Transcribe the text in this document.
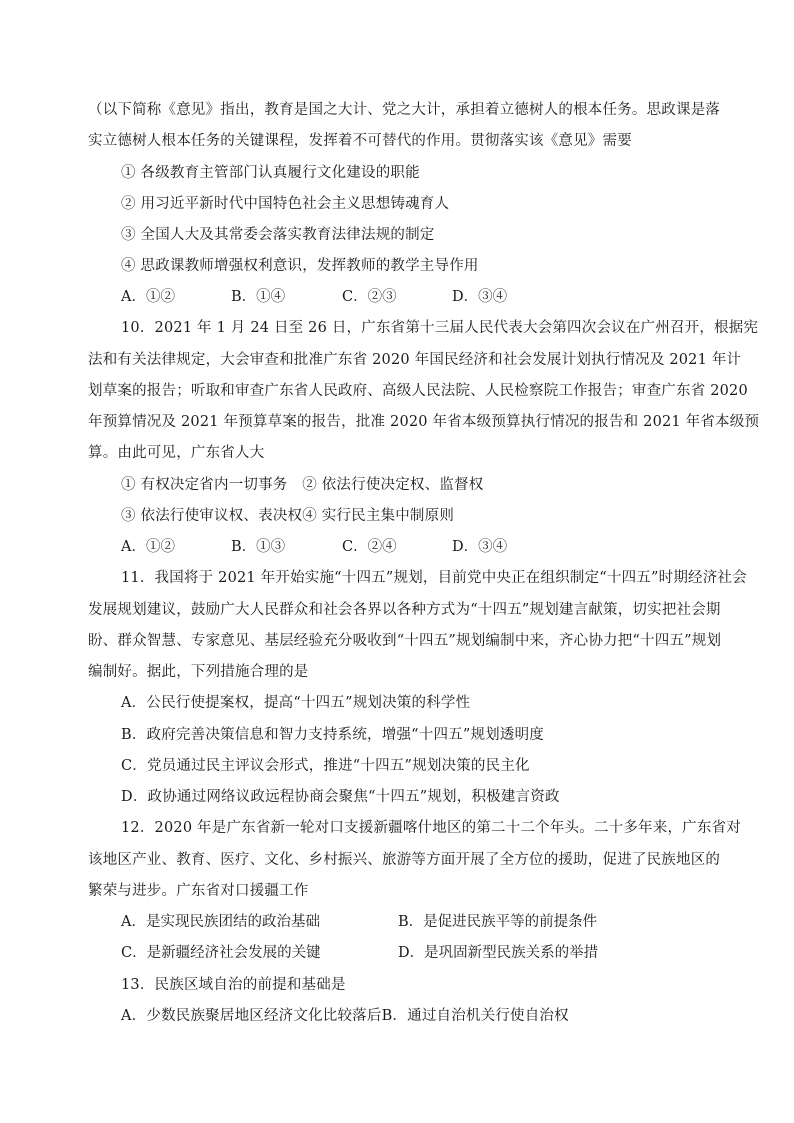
（以下简称《意见》指出，教育是国之大计、党之大计，承担着立德树人的根本任务。思政课是落
实立德树人根本任务的关键课程，发挥着不可替代的作用。贯彻落实该《意见》需要
① 各级教育主管部门认真履行文化建设的职能
② 用习近平新时代中国特色社会主义思想铸魂育人
③ 全国人大及其常委会落实教育法律法规的制定
④ 思政课教师增强权利意识，发挥教师的教学主导作用
A．①②	B．①④	C．②③	D．③④
10．2021 年 1 月 24 日至 26 日，广东省第十三届人民代表大会第四次会议在广州召开，根据宪
法和有关法律规定，大会审查和批准广东省 2020 年国民经济和社会发展计划执行情况及 2021 年计
划草案的报告；听取和审查广东省人民政府、高级人民法院、人民检察院工作报告；审查广东省 2020
年预算情况及 2021 年预算草案的报告，批准 2020 年省本级预算执行情况的报告和 2021 年省本级预
算。由此可见，广东省人大
① 有权决定省内一切事务　② 依法行使决定权、监督权
③ 依法行使审议权、表决权④ 实行民主集中制原则
A．①②	B．①③	C．②④	D．③④
11．我国将于 2021 年开始实施“十四五”规划，目前党中央正在组织制定“十四五”时期经济社会
发展规划建议，鼓励广大人民群众和社会各界以各种方式为“十四五”规划建言献策，切实把社会期
盼、群众智慧、专家意见、基层经验充分吸收到“十四五”规划编制中来，齐心协力把“十四五”规划
编制好。据此，下列措施合理的是
A．公民行使提案权，提高“十四五”规划决策的科学性
B．政府完善决策信息和智力支持系统，增强“十四五”规划透明度
C．党员通过民主评议会形式，推进“十四五”规划决策的民主化
D．政协通过网络议政远程协商会聚焦“十四五”规划，积极建言资政
12．2020 年是广东省新一轮对口支援新疆喀什地区的第二十二个年头。二十多年来，广东省对
该地区产业、教育、医疗、文化、乡村振兴、旅游等方面开展了全方位的援助，促进了民族地区的
繁荣与进步。广东省对口援疆工作
A．是实现民族团结的政治基础	B．是促进民族平等的前提条件
C．是新疆经济社会发展的关键	D．是巩固新型民族关系的举措
13．民族区域自治的前提和基础是
A．少数民族聚居地区经济文化比较落后B．通过自治机关行使自治权
